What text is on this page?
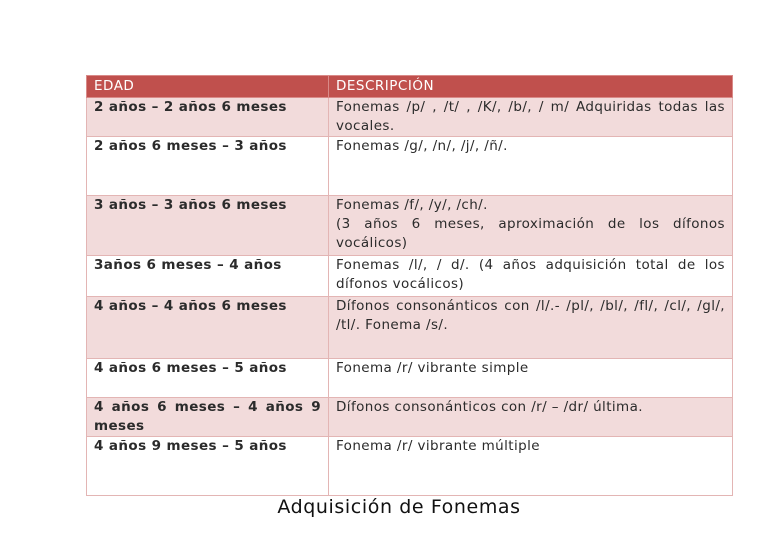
EDAD	DESCRIPCIÓN
2 años – 2 años 6 meses	Fonemas /p/ , /t/ , /K/, /b/, / m/ Adquiridas todas las vocales.

2 años 6 meses – 3 años	Fonemas /g/, /n/, /j/, /ñ/.

3 años – 3 años 6 meses	Fonemas /f/, /y/, /ch/.
(3 años 6 meses, aproximación de los dífonos vocálicos)

3años 6 meses – 4 años	Fonemas /l/, / d/. (4 años adquisición total de los dífonos vocálicos)

4 años – 4 años 6 meses	Dífonos consonánticos con /l/.- /pl/, /bl/, /fl/, /cl/, /gl/, /tl/. Fonema /s/.

4 años 6 meses – 5 años	Fonema /r/ vibrante simple

4 años 6 meses – 4 años 9 meses	Dífonos consonánticos con /r/ – /dr/ última.

4 años 9 meses – 5 años	Fonema /r/ vibrante múltiple
Adquisición de Fonemas
